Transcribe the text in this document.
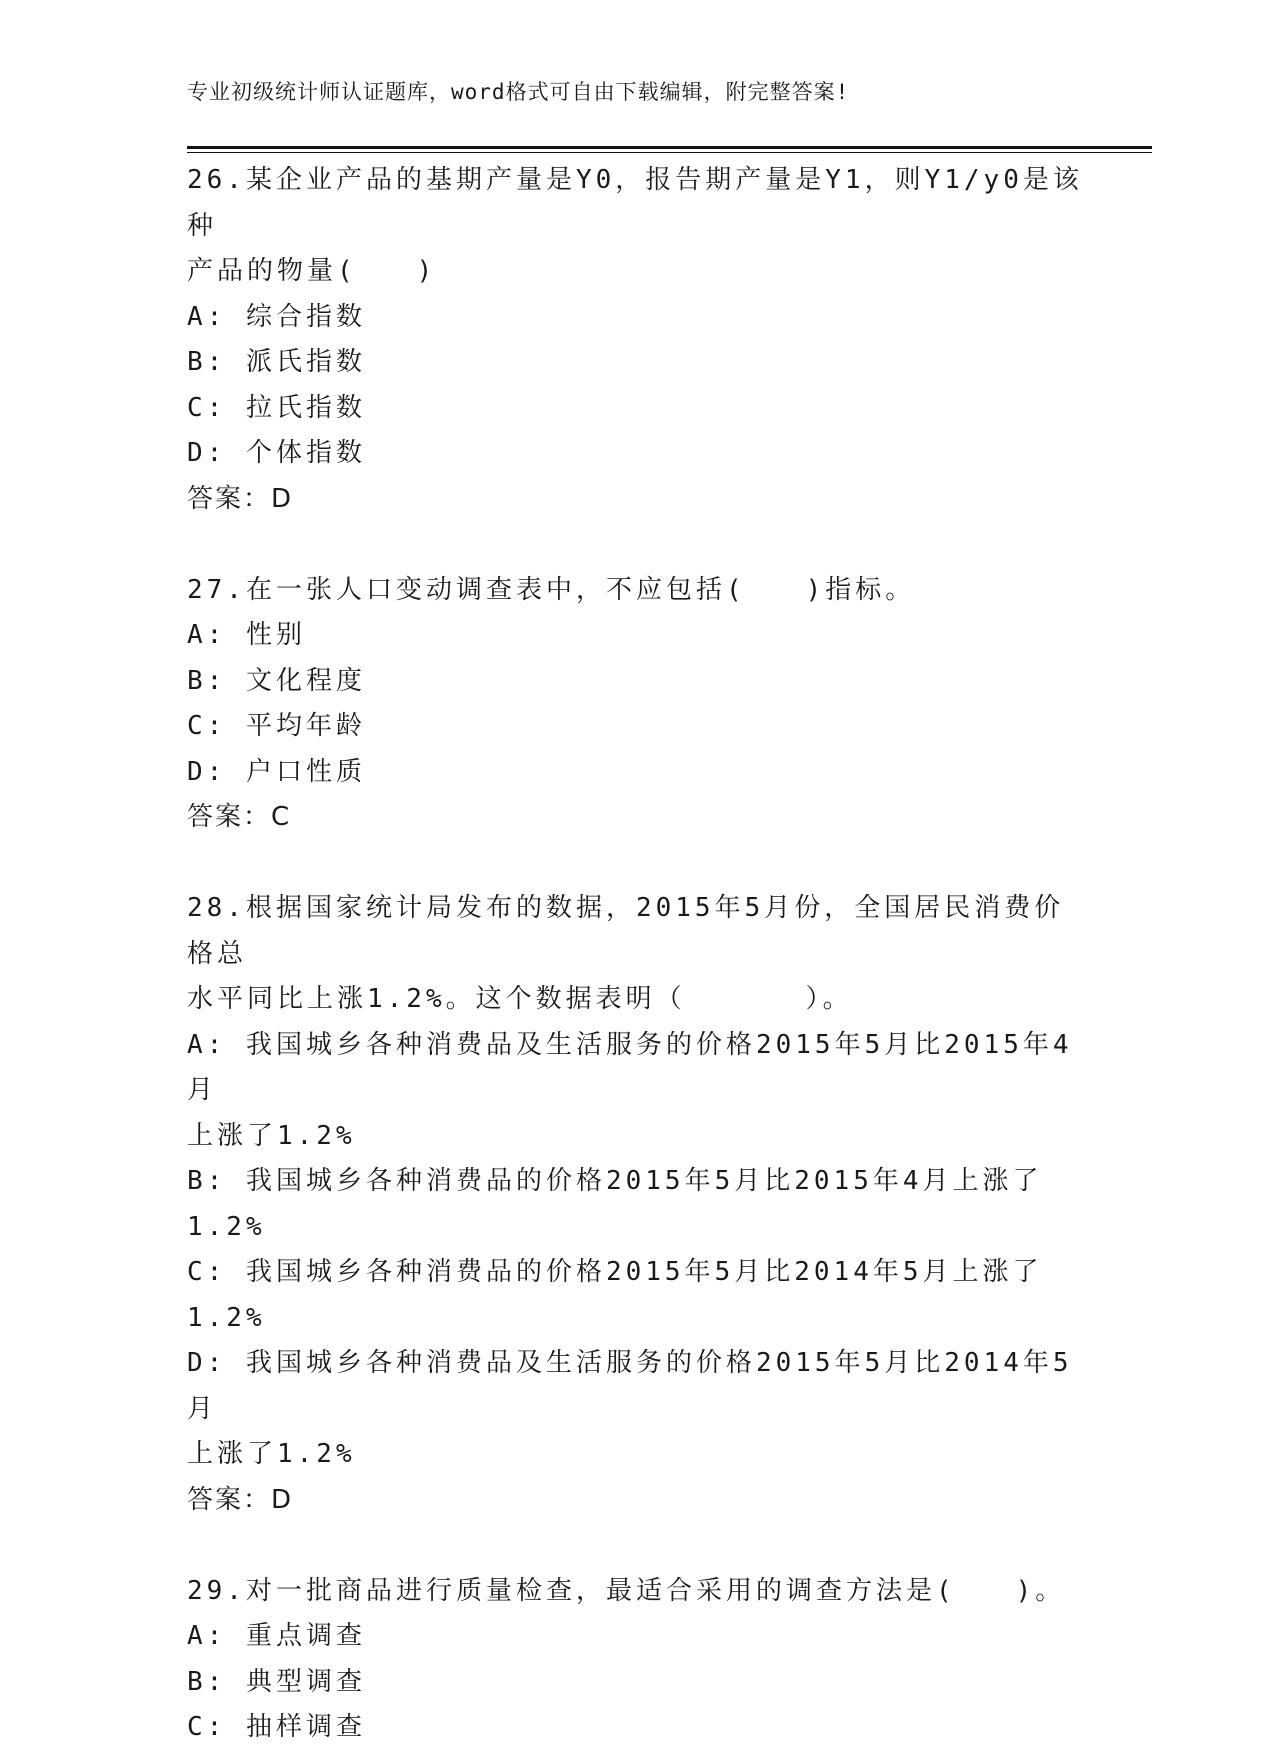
专业初级统计师认证题库，word格式可自由下载编辑，附完整答案!
26.某企业产品的基期产量是Y0，报告期产量是Y1，则Y1/y0是该种
产品的物量(　　)
A: 综合指数
B: 派氏指数
C: 拉氏指数
D: 个体指数
答案：D
27.在一张人口变动调查表中，不应包括(　　)指标。
A: 性别
B: 文化程度
C: 平均年龄
D: 户口性质
答案：C
28.根据国家统计局发布的数据，2015年5月份，全国居民消费价格总
水平同比上涨1.2%。这个数据表明（　　　　）。
A: 我国城乡各种消费品及生活服务的价格2015年5月比2015年4月
上涨了1.2%
B: 我国城乡各种消费品的价格2015年5月比2015年4月上涨了1.2%
C: 我国城乡各种消费品的价格2015年5月比2014年5月上涨了1.2%
D: 我国城乡各种消费品及生活服务的价格2015年5月比2014年5月
上涨了1.2%
答案：D
29.对一批商品进行质量检查，最适合采用的调查方法是(　　)。
A: 重点调查
B: 典型调查
C: 抽样调查
